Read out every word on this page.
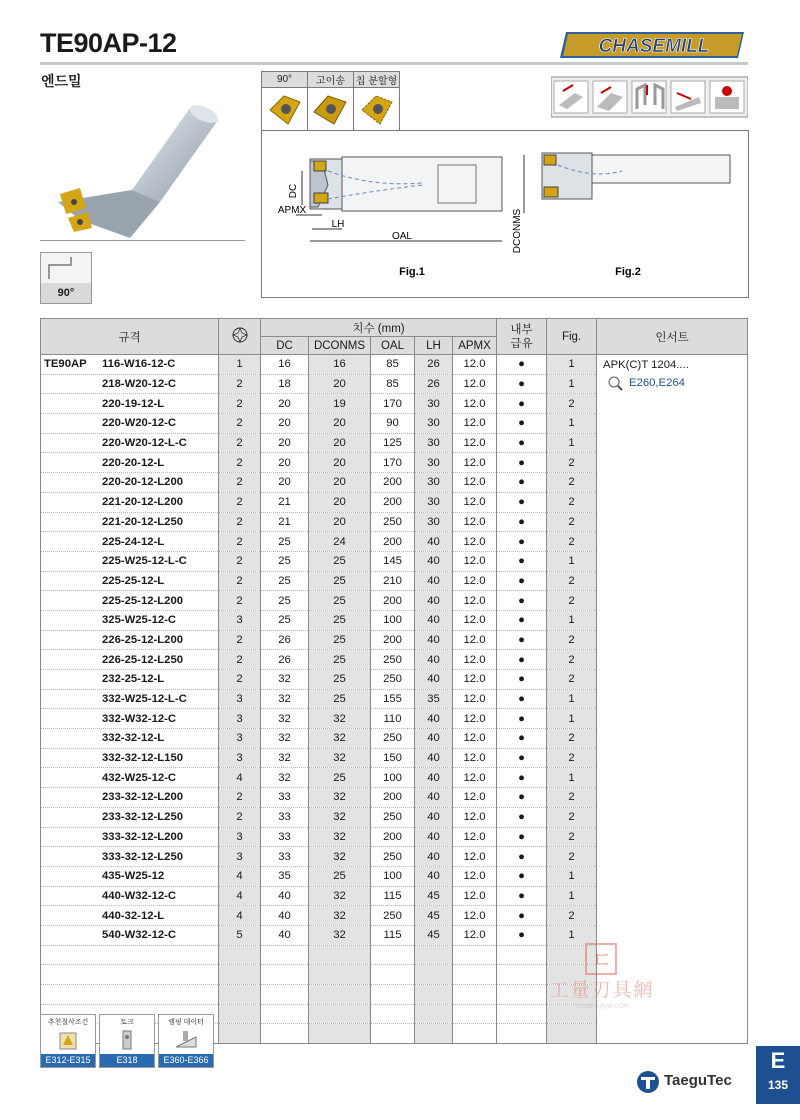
TE90AP-12	CHASEMILL
엔드밀
90°
90°	고이송	칩 분할형

DC
APMX
LH
OAL	DCONMS
Fig.1	Fig.2
규격		치수 (mm)					내부
급유	Fig.	인서트
		DC	DCONMS	OAL	LH	APMX			
TE90AP 116-W16-12-C	1	16	16	85	26	12.0	●	1	APK(C)T 1204....
E260,E264

218-W20-12-C	2	18	20	85	26	12.0	●	1	
220-19-12-L	2	20	19	170	30	12.0	●	2	
220-W20-12-C	2	20	20	90	30	12.0	●	1	
220-W20-12-L-C	2	20	20	125	30	12.0	●	1	
220-20-12-L	2	20	20	170	30	12.0	●	2	
220-20-12-L200	2	20	20	200	30	12.0	●	2	
221-20-12-L200	2	21	20	200	30	12.0	●	2	
221-20-12-L250	2	21	20	250	30	12.0	●	2	
225-24-12-L	2	25	24	200	40	12.0	●	2	
225-W25-12-L-C	2	25	25	145	40	12.0	●	1	
225-25-12-L	2	25	25	210	40	12.0	●	2	
225-25-12-L200	2	25	25	200	40	12.0	●	2	
325-W25-12-C	3	25	25	100	40	12.0	●	1	
226-25-12-L200	2	26	25	200	40	12.0	●	2	
226-25-12-L250	2	26	25	250	40	12.0	●	2	
232-25-12-L	2	32	25	250	40	12.0	●	2	
332-W25-12-L-C	3	32	25	155	35	12.0	●	1	
332-W32-12-C	3	32	32	110	40	12.0	●	1	
332-32-12-L	3	32	32	250	40	12.0	●	2	
332-32-12-L150	3	32	32	150	40	12.0	●	2	
432-W25-12-C	4	32	25	100	40	12.0	●	1	
233-32-12-L200	2	33	32	200	40	12.0	●	2	
233-32-12-L250	2	33	32	250	40	12.0	●	2	
333-32-12-L200	3	33	32	200	40	12.0	●	2	
333-32-12-L250	3	33	32	250	40	12.0	●	2	
435-W25-12	4	35	25	100	40	12.0	●	1	
440-W32-12-C	4	40	32	115	45	12.0	●	1	
440-32-12-L	4	40	32	250	45	12.0	●	2	
540-W32-12-C	5	40	32	115	45	12.0	●	1	

ㄷ
工量刃具網
WWW.GJRJW.COM
추천절삭조건
E312-E315
토크
E318
램핑 데이터
E360-E366
TaeguTec
E
135
